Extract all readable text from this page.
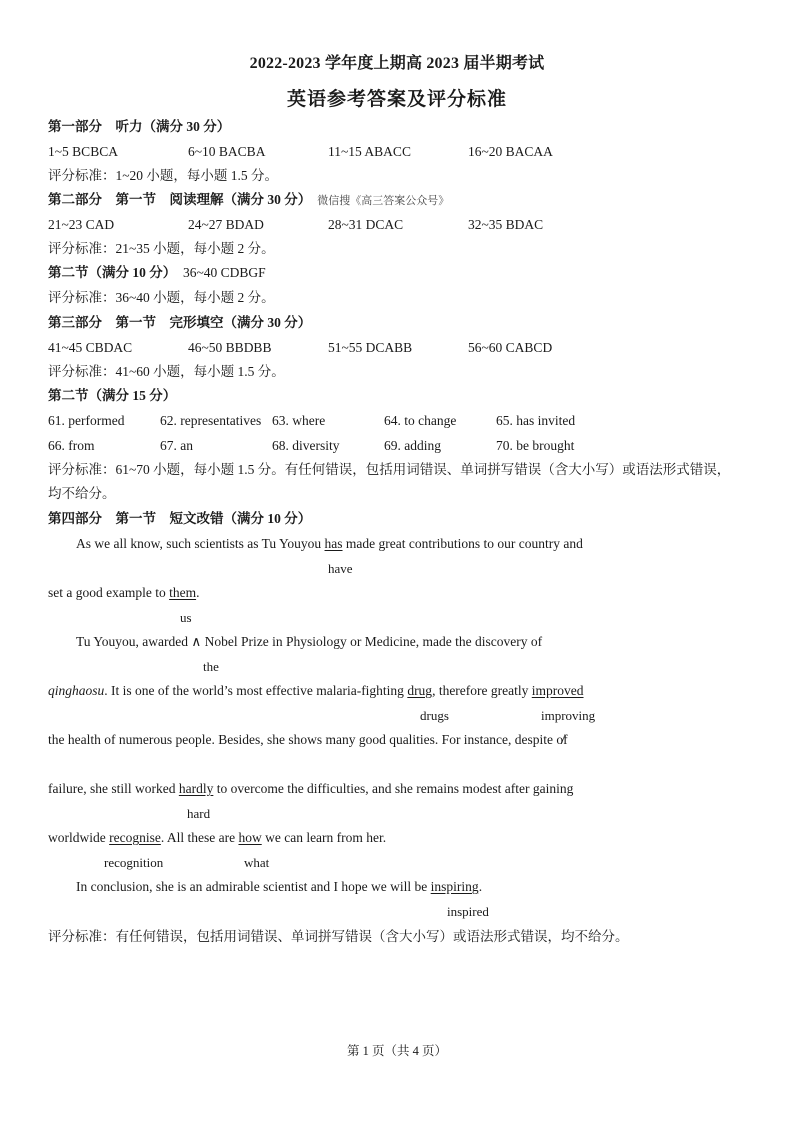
2022-2023 学年度上期高 2023 届半期考试
英语参考答案及评分标准
第一部分　听力（满分 30 分）
1~5 BCBCA	6~10 BACBA	11~15 ABACC	16~20 BACAA
评分标准：1~20 小题，每小题 1.5 分。
第二部分　第一节　阅读理解（满分 30 分） 微信搜《高三答案公众号》
21~23 CAD	24~27 BDAD	28~31 DCAC	32~35 BDAC
评分标准：21~35 小题，每小题 2 分。
第二节（满分 10 分） 36~40 CDBGF
评分标准：36~40 小题，每小题 2 分。
第三部分　第一节　完形填空（满分 30 分）
41~45 CBDAC	46~50 BBDBB	51~55 DCABB	56~60 CABCD
评分标准：41~60 小题，每小题 1.5 分。
第二节（满分 15 分）
61. performed	62. representatives 63. where	64. to change	65. has invited
66. from	67. an	68. diversity	69. adding	70. be brought
评分标准：61~70 小题，每小题 1.5 分。有任何错误，包括用词错误、单词拼写错误（含大小写）或语法形式错误，
均不给分。
第四部分　第一节　短文改错（满分 10 分）
As we all know, such scientists as Tu Youyou has made great contributions to our country and
have
set a good example to them.
us
Tu Youyou, awarded ∧ Nobel Prize in Physiology or Medicine, made the discovery of
the
qinghaosu. It is one of the world’s most effective malaria-fighting drug, therefore greatly improved
drugs	improving
the health of numerous people. Besides, she shows many good qualities. For instance, despite o̸f
failure, she still worked hardly to overcome the difficulties, and she remains modest after gaining
hard
worldwide recognise. All these are how we can learn from her.
recognition	what
In conclusion, she is an admirable scientist and I hope we will be inspiring.
inspired
评分标准：有任何错误，包括用词错误、单词拼写错误（含大小写）或语法形式错误，均不给分。
第 1 页（共 4 页）
